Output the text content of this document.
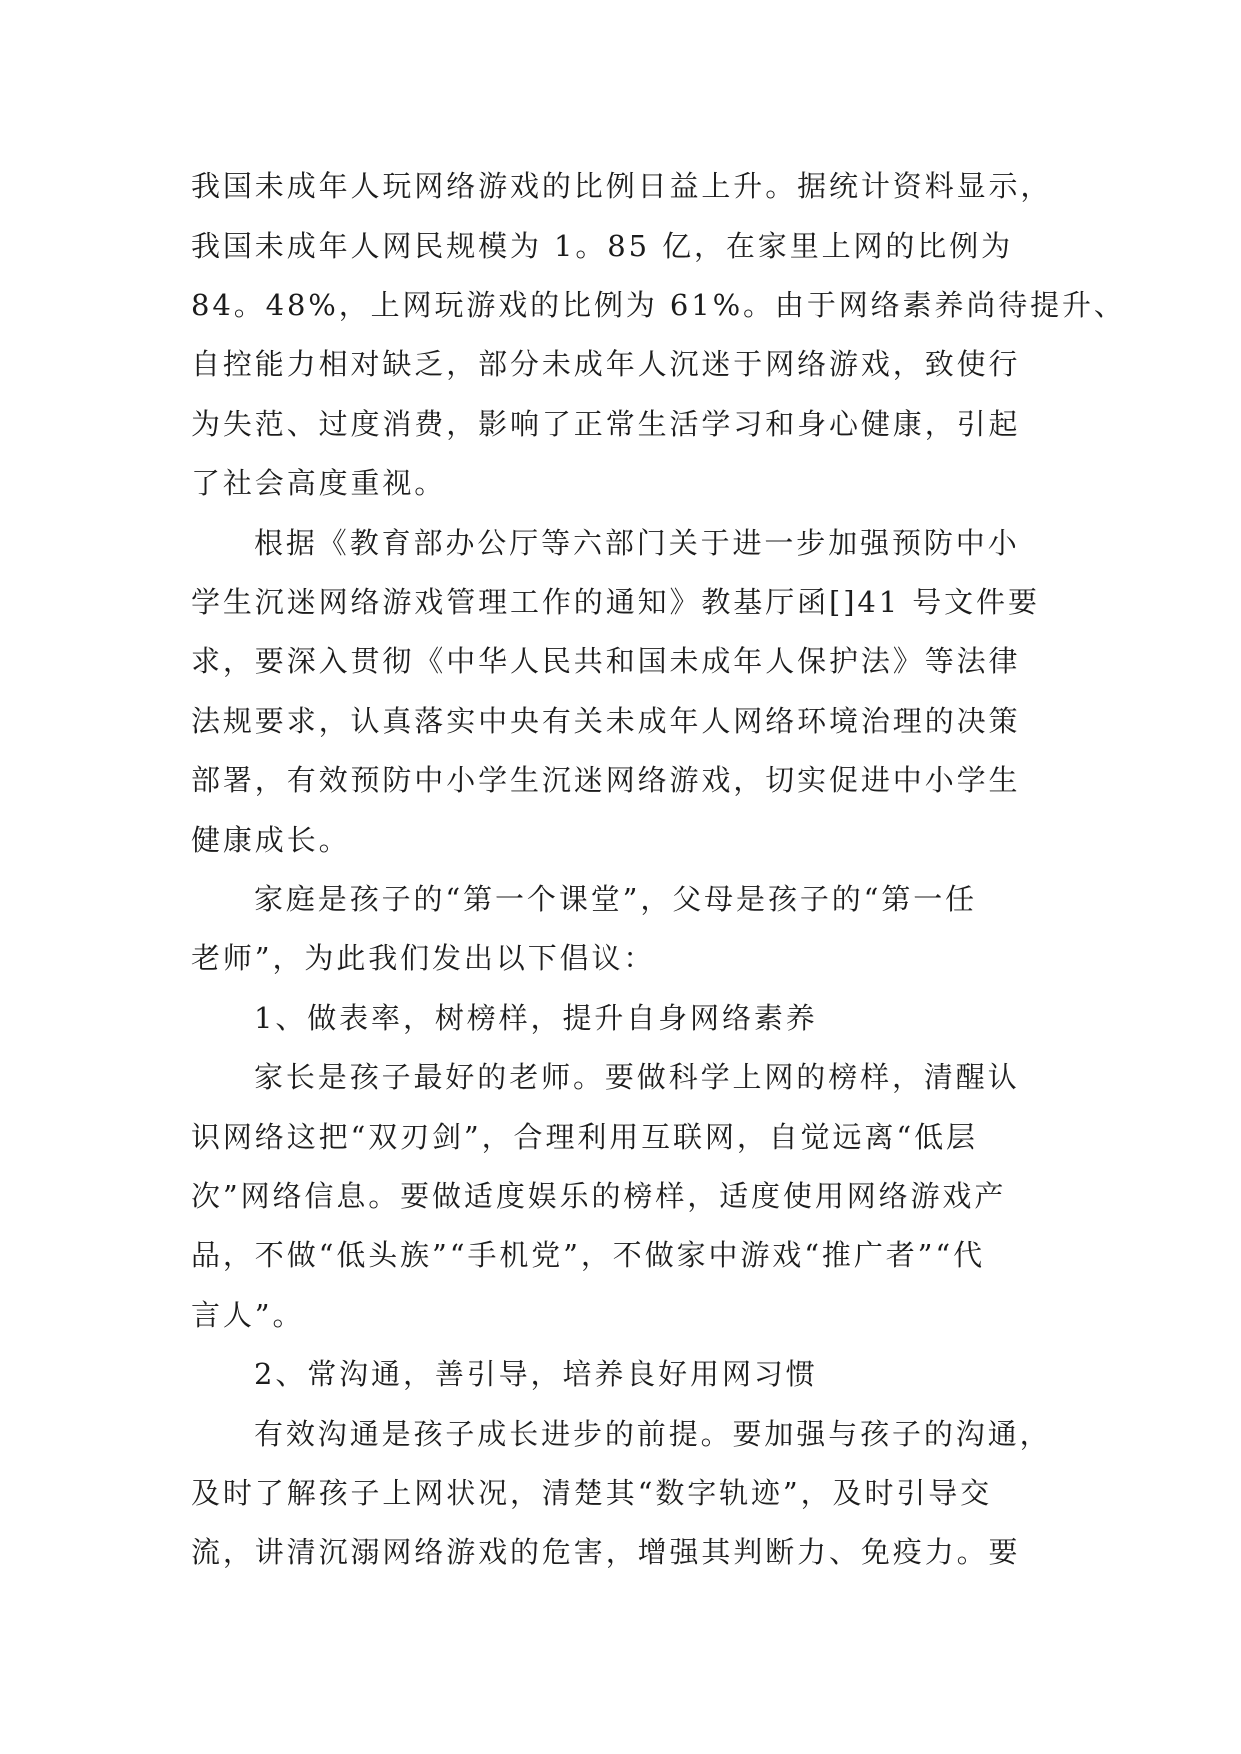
我国未成年人玩网络游戏的比例日益上升。据统计资料显示，
我国未成年人网民规模为 1。85 亿，在家里上网的比例为
84。48%，上网玩游戏的比例为 61%。由于网络素养尚待提升、
自控能力相对缺乏，部分未成年人沉迷于网络游戏，致使行
为失范、过度消费，影响了正常生活学习和身心健康，引起
了社会高度重视。
根据《教育部办公厅等六部门关于进一步加强预防中小
学生沉迷网络游戏管理工作的通知》教基厅函[]41 号文件要
求，要深入贯彻《中华人民共和国未成年人保护法》等法律
法规要求，认真落实中央有关未成年人网络环境治理的决策
部署，有效预防中小学生沉迷网络游戏，切实促进中小学生
健康成长。
家庭是孩子的“第一个课堂”，父母是孩子的“第一任
老师”，为此我们发出以下倡议：
1、做表率，树榜样，提升自身网络素养
家长是孩子最好的老师。要做科学上网的榜样，清醒认
识网络这把“双刃剑”，合理利用互联网，自觉远离“低层
次”网络信息。要做适度娱乐的榜样，适度使用网络游戏产
品，不做“低头族”“手机党”，不做家中游戏“推广者”“代
言人”。
2、常沟通，善引导，培养良好用网习惯
有效沟通是孩子成长进步的前提。要加强与孩子的沟通，
及时了解孩子上网状况，清楚其“数字轨迹”，及时引导交
流，讲清沉溺网络游戏的危害，增强其判断力、免疫力。要
